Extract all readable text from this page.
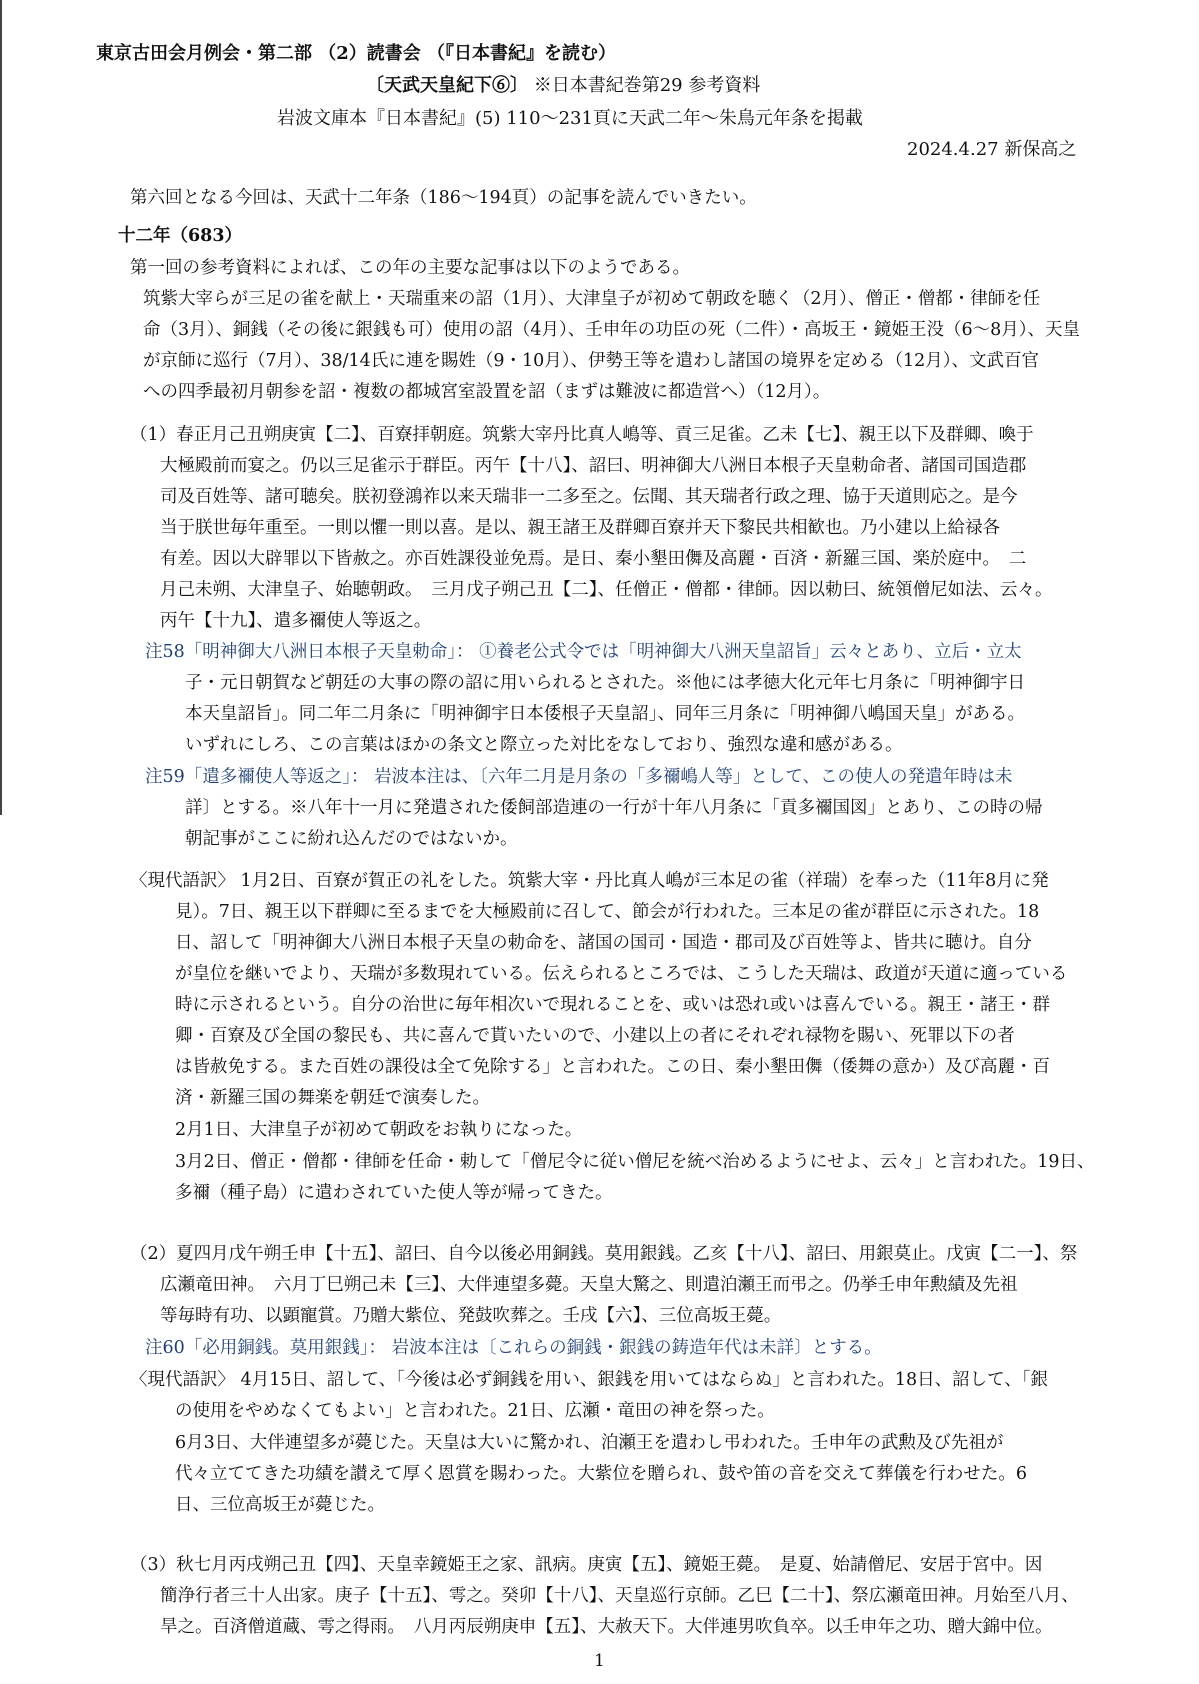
東京古田会月例会・第二部 （2）読書会 （『日本書紀』を読む）
〔天武天皇紀下⑥〕 ※日本書紀巻第29 参考資料
岩波文庫本『日本書紀』(5) 110～231頁に天武二年～朱鳥元年条を掲載
2024.4.27 新保高之
第六回となる今回は、天武十二年条（186～194頁）の記事を読んでいきたい。
十二年（683）
第一回の参考資料によれば、この年の主要な記事は以下のようである。
筑紫大宰らが三足の雀を献上・天瑞重来の詔（1月）、大津皇子が初めて朝政を聴く（2月）、僧正・僧都・律師を任
命（3月）、銅銭（その後に銀銭も可）使用の詔（4月）、壬申年の功臣の死（二件）・高坂王・鏡姫王没（6～8月）、天皇
が京師に巡行（7月）、38/14氏に連を賜姓（9・10月）、伊勢王等を遣わし諸国の境界を定める（12月）、文武百官
への四季最初月朝参を詔・複数の都城宮室設置を詔（まずは難波に都造営へ）（12月）。
（1）春正月己丑朔庚寅【二】、百寮拝朝庭。筑紫大宰丹比真人嶋等、貢三足雀。乙未【七】、親王以下及群卿、喚于
大極殿前而宴之。仍以三足雀示于群臣。丙午【十八】、詔曰、明神御大八洲日本根子天皇勅命者、諸国司国造郡
司及百姓等、諸可聴矣。朕初登鴻祚以来天瑞非一二多至之。伝聞、其天瑞者行政之理、協于天道則応之。是今
当于朕世毎年重至。一則以懼一則以喜。是以、親王諸王及群卿百寮并天下黎民共相歓也。乃小建以上給禄各
有差。因以大辟罪以下皆赦之。亦百姓課役並免焉。是日、秦小墾田儛及高麗・百済・新羅三国、楽於庭中。　二
月己未朔、大津皇子、始聴朝政。　三月戊子朔己丑【二】、任僧正・僧都・律師。因以勅曰、統領僧尼如法、云々。
丙午【十九】、遣多禰使人等返之。
注58「明神御大八洲日本根子天皇勅命」： ①養老公式令では「明神御大八洲天皇詔旨」云々とあり、立后・立太
子・元日朝賀など朝廷の大事の際の詔に用いられるとされた。※他には孝徳大化元年七月条に「明神御宇日
本天皇詔旨」。同二年二月条に「明神御宇日本倭根子天皇詔」、同年三月条に「明神御八嶋国天皇」がある。
いずれにしろ、この言葉はほかの条文と際立った対比をなしており、強烈な違和感がある。
注59「遣多禰使人等返之」： 岩波本注は、〔六年二月是月条の「多禰嶋人等」として、この使人の発遣年時は未
詳〕とする。※八年十一月に発遣された倭飼部造連の一行が十年八月条に「貢多禰国図」とあり、この時の帰
朝記事がここに紛れ込んだのではないか。
〈現代語訳〉 1月2日、百寮が賀正の礼をした。筑紫大宰・丹比真人嶋が三本足の雀（祥瑞）を奉った（11年8月に発
見）。7日、親王以下群卿に至るまでを大極殿前に召して、節会が行われた。三本足の雀が群臣に示された。18
日、詔して「明神御大八洲日本根子天皇の勅命を、諸国の国司・国造・郡司及び百姓等よ、皆共に聴け。自分
が皇位を継いでより、天瑞が多数現れている。伝えられるところでは、こうした天瑞は、政道が天道に適っている
時に示されるという。自分の治世に毎年相次いで現れることを、或いは恐れ或いは喜んでいる。親王・諸王・群
卿・百寮及び全国の黎民も、共に喜んで貰いたいので、小建以上の者にそれぞれ禄物を賜い、死罪以下の者
は皆赦免する。また百姓の課役は全て免除する」と言われた。この日、秦小墾田儛（倭舞の意か）及び高麗・百
済・新羅三国の舞楽を朝廷で演奏した。
2月1日、大津皇子が初めて朝政をお執りになった。
3月2日、僧正・僧都・律師を任命・勅して「僧尼令に従い僧尼を統べ治めるようにせよ、云々」と言われた。19日、
多禰（種子島）に遣わされていた使人等が帰ってきた。
（2）夏四月戊午朔壬申【十五】、詔曰、自今以後必用銅銭。莫用銀銭。乙亥【十八】、詔曰、用銀莫止。戊寅【二一】、祭
広瀬竜田神。　六月丁巳朔己未【三】、大伴連望多薨。天皇大驚之、則遣泊瀬王而弔之。仍挙壬申年勲績及先祖
等毎時有功、以顕寵賞。乃贈大紫位、発鼓吹葬之。壬戌【六】、三位高坂王薨。
注60「必用銅銭。莫用銀銭」： 岩波本注は〔これらの銅銭・銀銭の鋳造年代は未詳〕とする。
〈現代語訳〉 4月15日、詔して、「今後は必ず銅銭を用い、銀銭を用いてはならぬ」と言われた。18日、詔して、「銀
の使用をやめなくてもよい」と言われた。21日、広瀬・竜田の神を祭った。
6月3日、大伴連望多が薨じた。天皇は大いに驚かれ、泊瀬王を遣わし弔われた。壬申年の武勲及び先祖が
代々立ててきた功績を讃えて厚く恩賞を賜わった。大紫位を贈られ、鼓や笛の音を交えて葬儀を行わせた。6
日、三位高坂王が薨じた。
（3）秋七月丙戌朔己丑【四】、天皇幸鏡姫王之家、訊病。庚寅【五】、鏡姫王薨。　是夏、始請僧尼、安居于宮中。因
簡浄行者三十人出家。庚子【十五】、雩之。癸卯【十八】、天皇巡行京師。乙巳【二十】、祭広瀬竜田神。月始至八月、
旱之。百済僧道蔵、雩之得雨。　八月丙辰朔庚申【五】、大赦天下。大伴連男吹負卒。以壬申年之功、贈大錦中位。
1
